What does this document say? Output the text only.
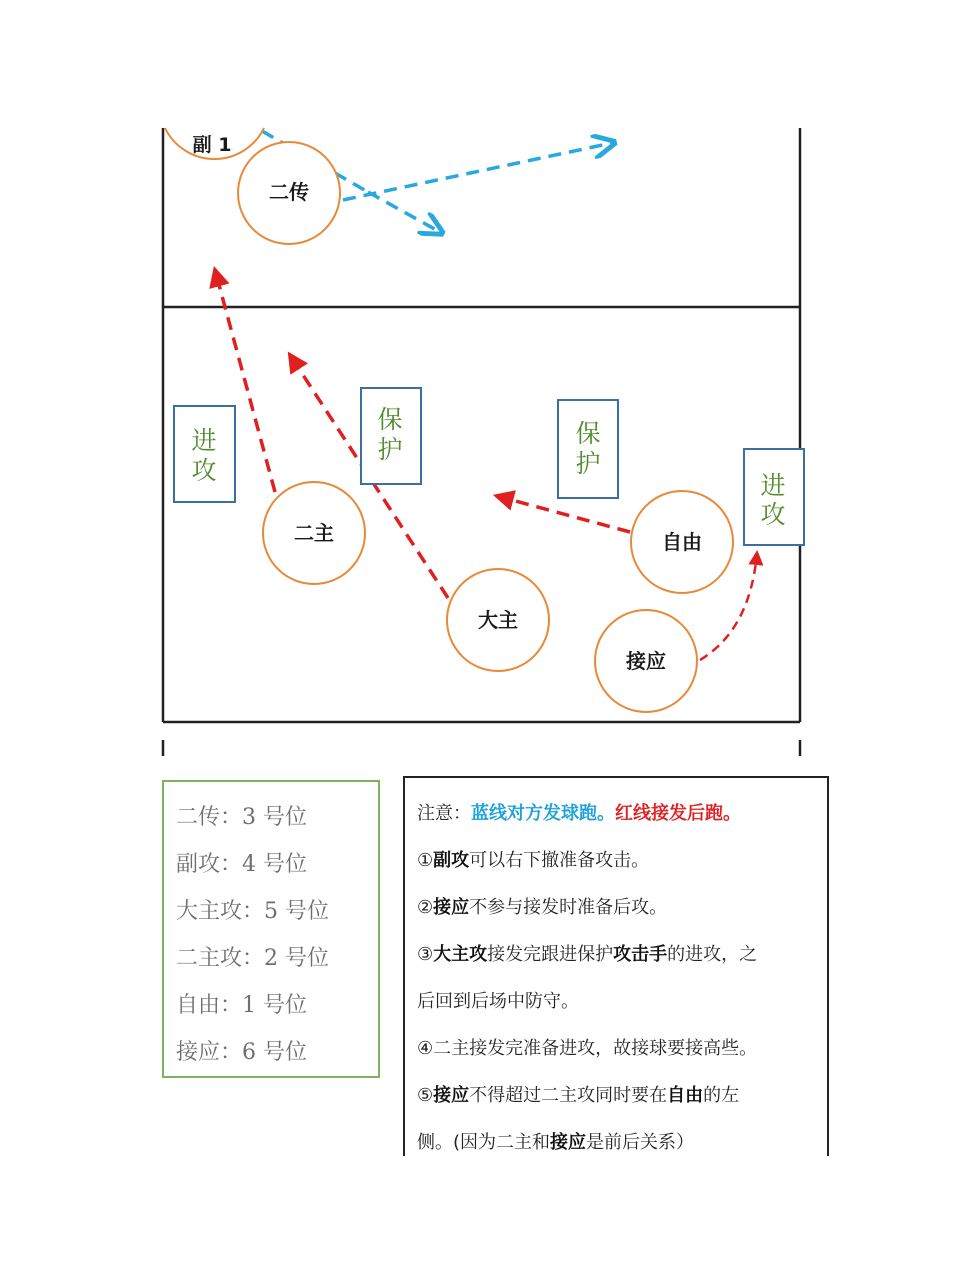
副 1
二传
二主
大主
自由
接应
进
攻
保
护
保
护
进
攻
二传：3 号位
副攻：4 号位
大主攻：5 号位
二主攻：2 号位
自由：1 号位
接应：6 号位
注意：蓝线对方发球跑。红线接发后跑。
①副攻可以右下撤准备攻击。
②接应不参与接发时准备后攻。
③大主攻接发完跟进保护攻击手的进攻，之
后回到后场中防守。
④二主接发完准备进攻，故接球要接高些。
⑤接应不得超过二主攻同时要在自由的左
侧。(因为二主和接应是前后关系）
